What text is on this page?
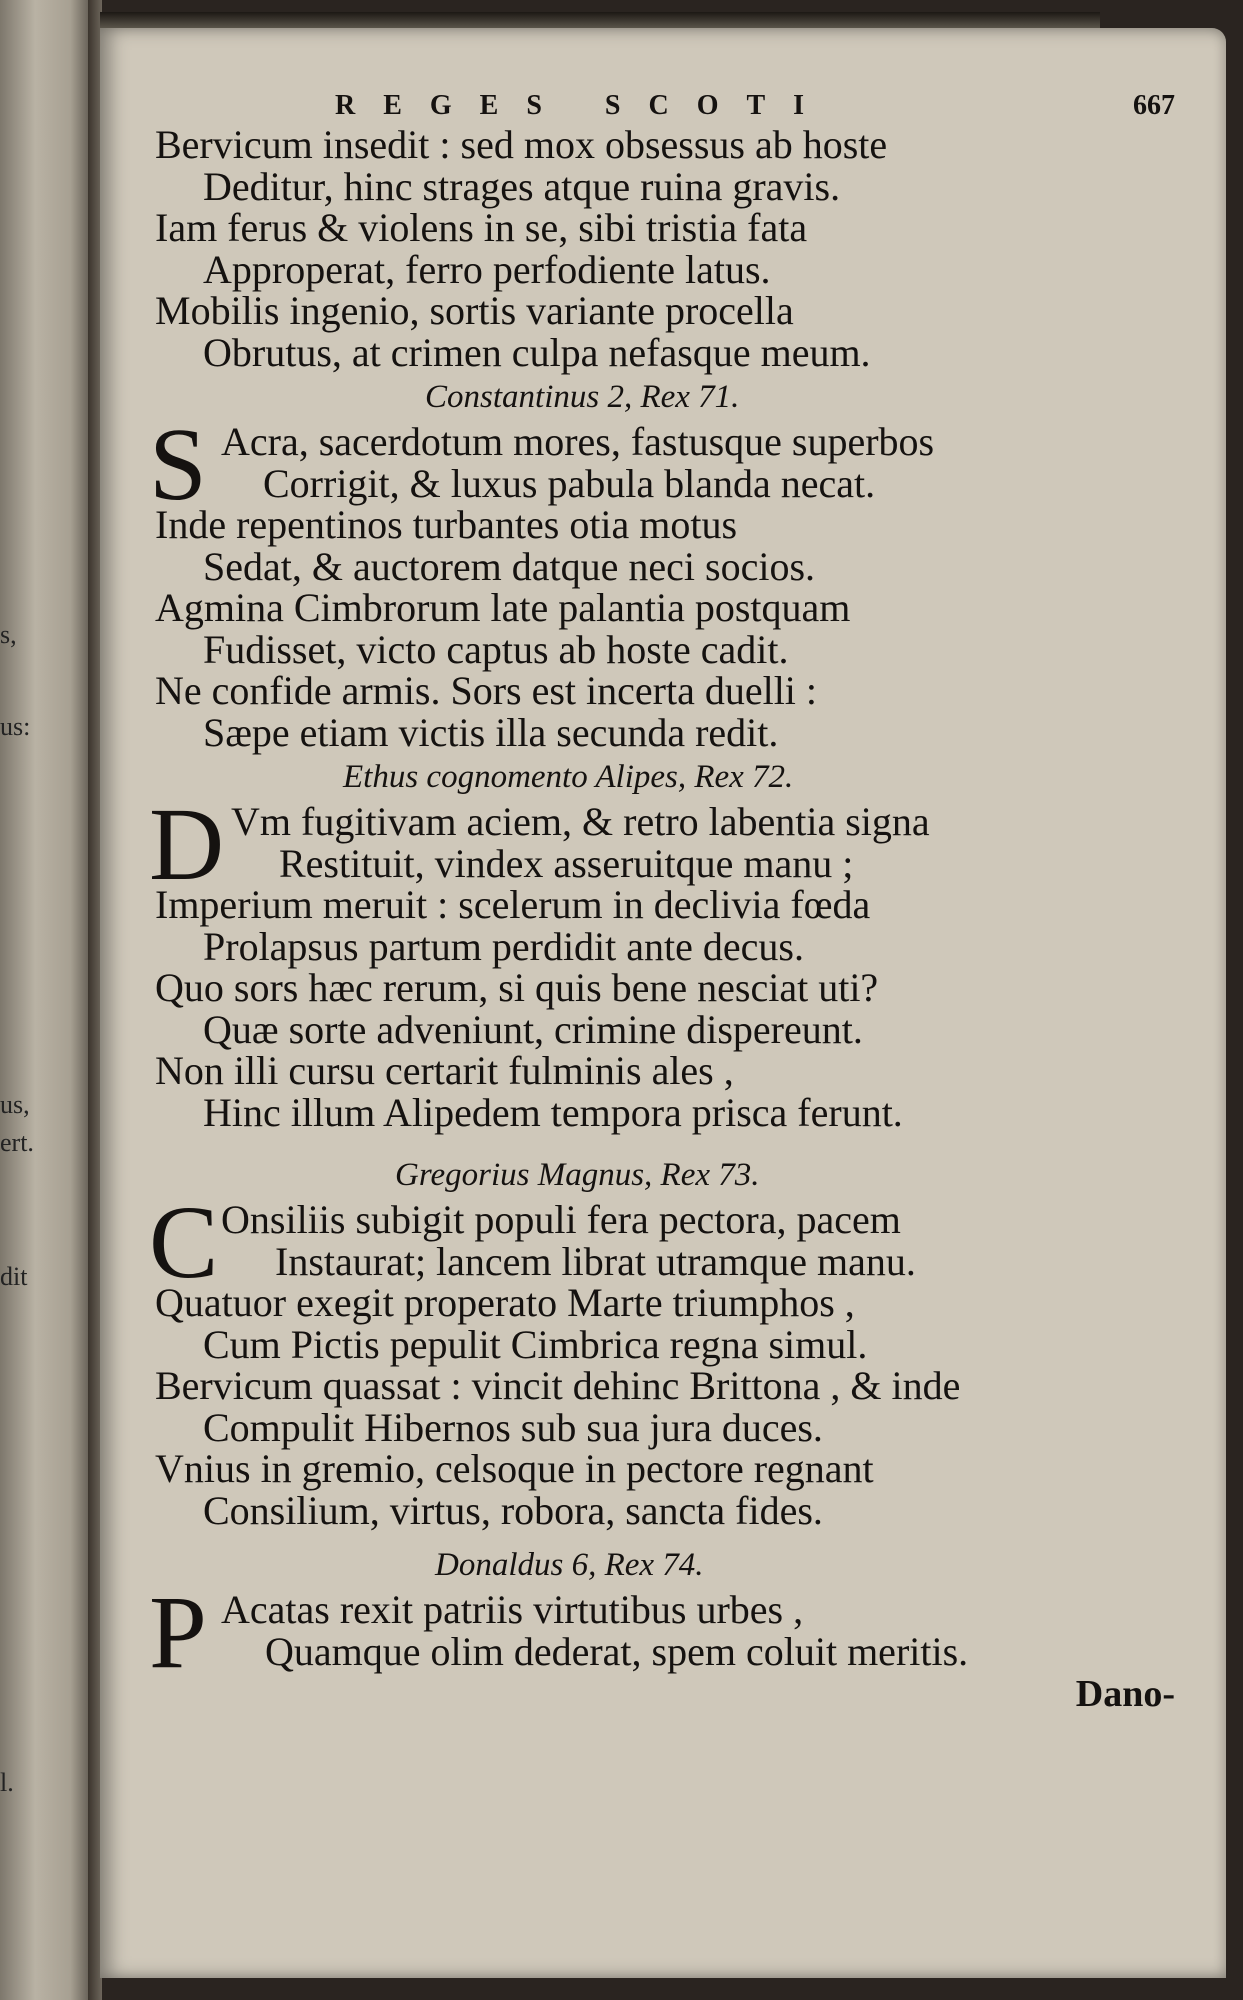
s,
us:
us,
ert.
dit
l.
REGES SCOTI	667
Bervicum insedit : sed mox obsessus ab hoste
Deditur, hinc strages atque ruina gravis.
Iam ferus & violens in se, sibi tristia fata
Approperat, ferro perfodiente latus.
Mobilis ingenio, sortis variante procella
Obrutus, at crimen culpa nefasque meum.
Constantinus 2, Rex 71.
S Acra, sacerdotum mores, fastusque superbos
Corrigit, & luxus pabula blanda necat.
Inde repentinos turbantes otia motus
Sedat, & auctorem datque neci socios.
Agmina Cimbrorum late palantia postquam
Fudisset, victo captus ab hoste cadit.
Ne confide armis. Sors est incerta duelli :
Sæpe etiam victis illa secunda redit.
Ethus cognomento Alipes, Rex 72.
D Vm fugitivam aciem, & retro labentia signa
Restituit, vindex asseruitque manu ;
Imperium meruit : scelerum in declivia fœda
Prolapsus partum perdidit ante decus.
Quo sors hæc rerum, si quis bene nesciat uti?
Quæ sorte adveniunt, crimine dispereunt.
Non illi cursu certarit fulminis ales ,
Hinc illum Alipedem tempora prisca ferunt.
Gregorius Magnus, Rex 73.
C Onsiliis subigit populi fera pectora, pacem
Instaurat; lancem librat utramque manu.
Quatuor exegit properato Marte triumphos ,
Cum Pictis pepulit Cimbrica regna simul.
Bervicum quassat : vincit dehinc Brittona , & inde
Compulit Hibernos sub sua jura duces.
Vnius in gremio, celsoque in pectore regnant
Consilium, virtus, robora, sancta fides.
Donaldus 6, Rex 74.
P Acatas rexit patriis virtutibus urbes ,
Quamque olim dederat, spem coluit meritis.
Dano-
